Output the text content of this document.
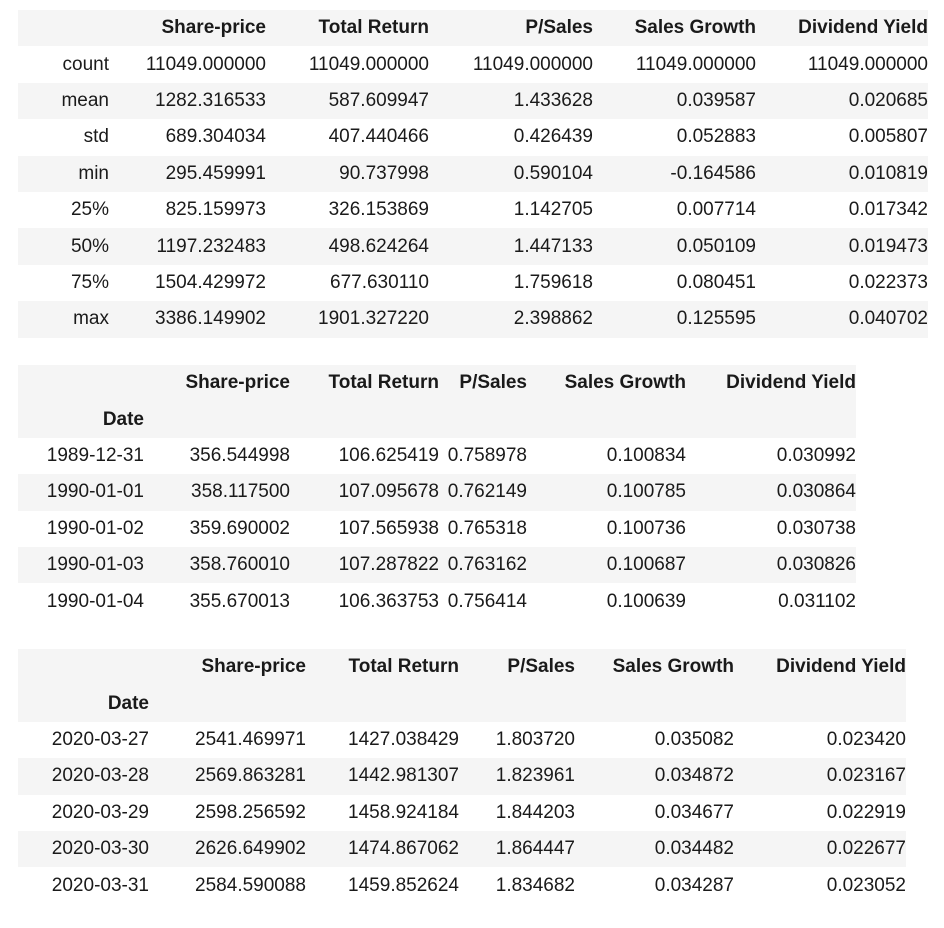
	Share-price	Total Return	P/Sales	Sales Growth	Dividend Yield
count	11049.000000	11049.000000	11049.000000	11049.000000	11049.000000
mean	1282.316533	587.609947	1.433628	0.039587	0.020685
std	689.304034	407.440466	0.426439	0.052883	0.005807
min	295.459991	90.737998	0.590104	-0.164586	0.010819
25%	825.159973	326.153869	1.142705	0.007714	0.017342
50%	1197.232483	498.624264	1.447133	0.050109	0.019473
75%	1504.429972	677.630110	1.759618	0.080451	0.022373
max	3386.149902	1901.327220	2.398862	0.125595	0.040702
	Share-price	Total Return	P/Sales	Sales Growth	Dividend Yield
Date					
1989-12-31	356.544998	106.625419	0.758978	0.100834	0.030992
1990-01-01	358.117500	107.095678	0.762149	0.100785	0.030864
1990-01-02	359.690002	107.565938	0.765318	0.100736	0.030738
1990-01-03	358.760010	107.287822	0.763162	0.100687	0.030826
1990-01-04	355.670013	106.363753	0.756414	0.100639	0.031102
	Share-price	Total Return	P/Sales	Sales Growth	Dividend Yield
Date					
2020-03-27	2541.469971	1427.038429	1.803720	0.035082	0.023420
2020-03-28	2569.863281	1442.981307	1.823961	0.034872	0.023167
2020-03-29	2598.256592	1458.924184	1.844203	0.034677	0.022919
2020-03-30	2626.649902	1474.867062	1.864447	0.034482	0.022677
2020-03-31	2584.590088	1459.852624	1.834682	0.034287	0.023052
